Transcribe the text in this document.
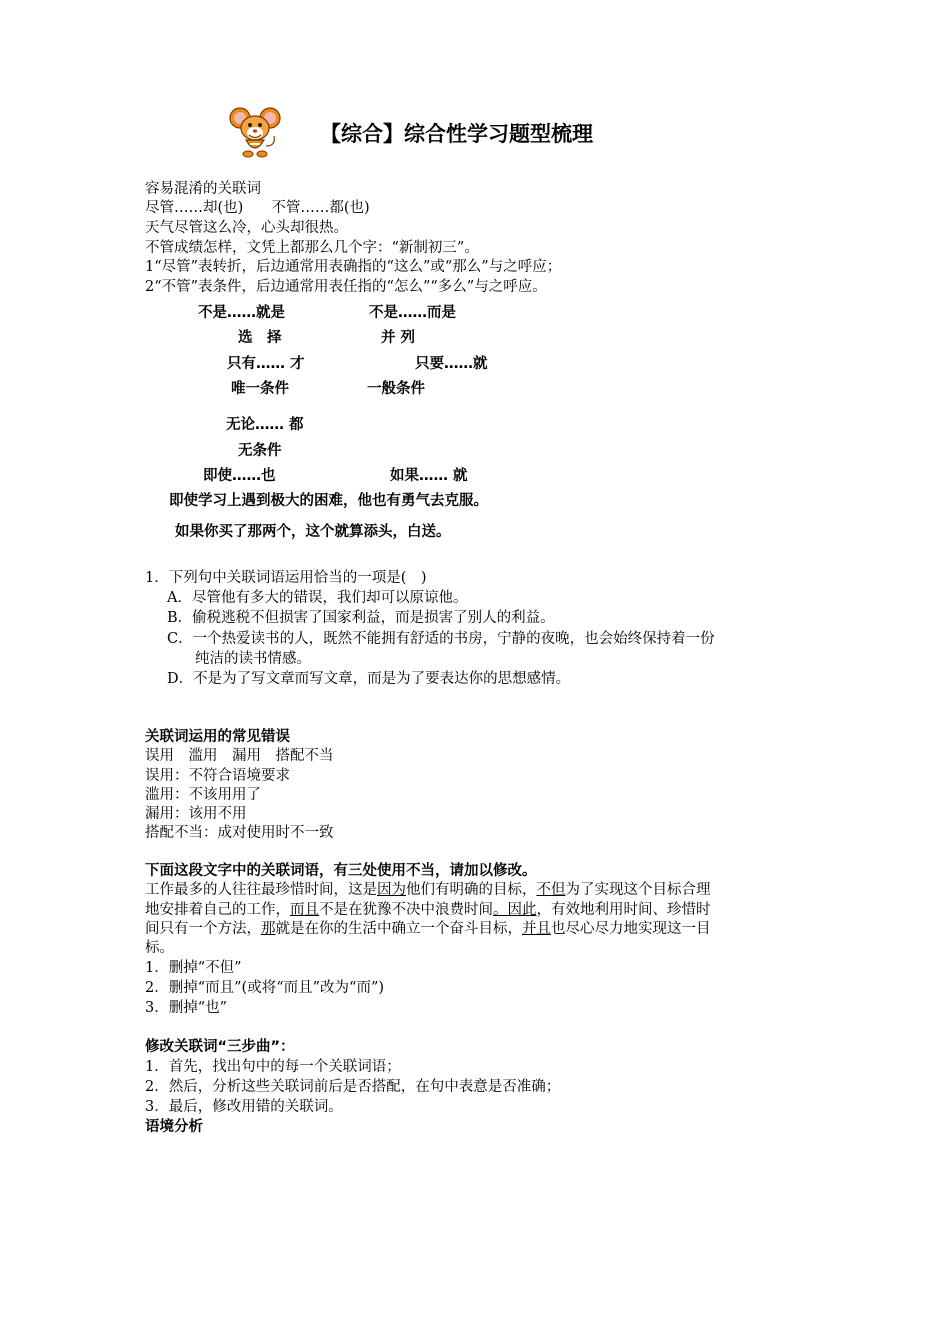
【综合】综合性学习题型梳理
容易混淆的关联词
尽管……却(也) 不管……都(也)
天气尽管这么冷，心头却很热。
不管成绩怎样，文凭上都那么几个字：“新制初三”。
1“尽管”表转折，后边通常用表确指的“这么”或“那么”与之呼应；
2“不管”表条件，后边通常用表任指的“怎么”“多么”与之呼应。
不是……就是	不是……而是
选　择	并 列
只有…… 才	只要……就
唯一条件	一般条件
无论…… 都
无条件
即使……也	如果…… 就
即使学习上遇到极大的困难，他也有勇气去克服。
如果你买了那两个，这个就算添头，白送。
1．下列句中关联词语运用恰当的一项是(　)
A．尽管他有多大的错误，我们却可以原谅他。
B．偷税逃税不但损害了国家利益，而是损害了别人的利益。
C．一个热爱读书的人，既然不能拥有舒适的书房，宁静的夜晚，也会始终保持着一份
纯洁的读书情感。
D．不是为了写文章而写文章，而是为了要表达你的思想感情。
关联词运用的常见错误
误用　滥用　漏用　搭配不当
误用：不符合语境要求
滥用：不该用用了
漏用：该用不用
搭配不当：成对使用时不一致
下面这段文字中的关联词语，有三处使用不当，请加以修改。
工作最多的人往往最珍惜时间，这是因为他们有明确的目标，不但为了实现这个目标合理
地安排着自己的工作，而且不是在犹豫不决中浪费时间。因此，有效地利用时间、珍惜时
间只有一个方法，那就是在你的生活中确立一个奋斗目标，并且也尽心尽力地实现这一目
标。
1．删掉“不但”
2．删掉“而且”(或将“而且”改为“而”)
3．删掉“也”
修改关联词“三步曲”：
1．首先，找出句中的每一个关联词语；
2．然后，分析这些关联词前后是否搭配，在句中表意是否准确；
3．最后，修改用错的关联词。
语境分析
